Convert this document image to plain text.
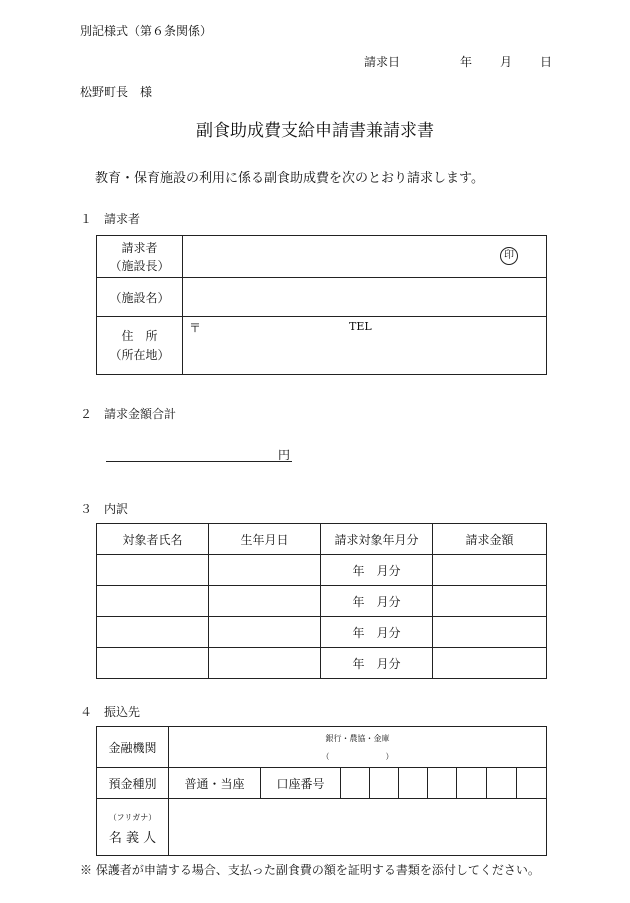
別記様式（第６条関係）
請求日	年 月 日
松野町長　様
副食助成費支給申請書兼請求書
教育・保育施設の利用に係る副食助成費を次のとおり請求します。
１　請求者
請求者
（施設長）	印

（施設名）	
住　所
（所在地）	〒 TEL
２　請求金額合計
円
３　内訳
対象者氏名	生年月日	請求対象年月分	請求金額
		年　月分	
		年　月分	
		年　月分	
		年　月分	
４　振込先
金融機関	銀行・農協・金庫
（　　　　　　　）								
預金種別	普通・当座	口座番号							
（フリガナ）
名 義 人									
※ 保護者が申請する場合、支払った副食費の額を証明する書類を添付してください。
